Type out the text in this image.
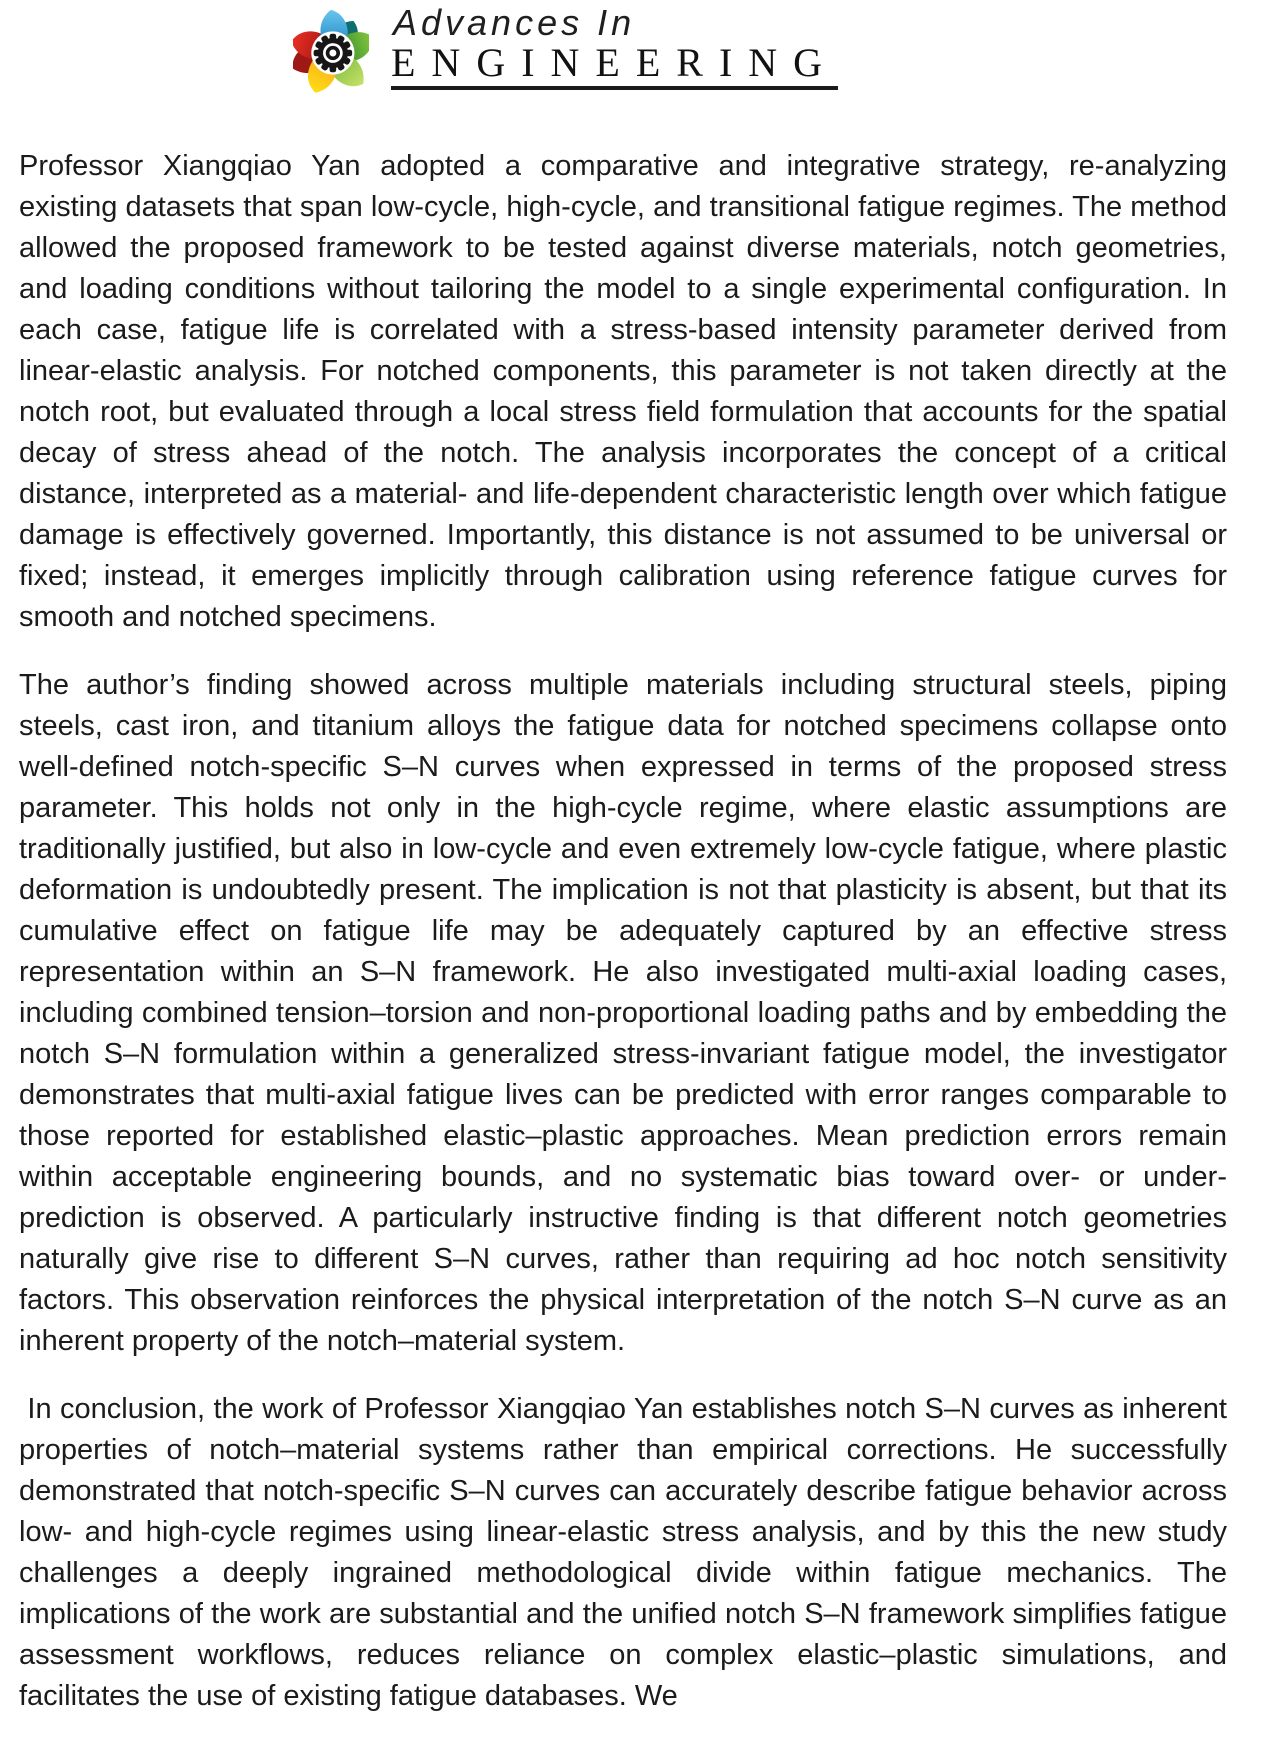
Advances In
ENGINEERING

Professor Xiangqiao Yan adopted a comparative and integrative strategy, re-analyzing existing datasets that span low-cycle, high-cycle, and transitional fatigue regimes. The method allowed the proposed framework to be tested against diverse materials, notch geometries, and loading conditions without tailoring the model to a single experimental configuration. In each case, fatigue life is correlated with a stress-based intensity parameter derived from linear-elastic analysis. For notched components, this parameter is not taken directly at the notch root, but evaluated through a local stress field formulation that accounts for the spatial decay of stress ahead of the notch. The analysis incorporates the concept of a critical distance, interpreted as a material- and life-dependent characteristic length over which fatigue damage is effectively governed. Importantly, this distance is not assumed to be universal or fixed; instead, it emerges implicitly through calibration using reference fatigue curves for smooth and notched specimens.

The author’s finding showed across multiple materials including structural steels, piping steels, cast iron, and titanium alloys the fatigue data for notched specimens collapse onto well-defined notch-specific S–N curves when expressed in terms of the proposed stress parameter. This holds not only in the high-cycle regime, where elastic assumptions are traditionally justified, but also in low-cycle and even extremely low-cycle fatigue, where plastic deformation is undoubtedly present. The implication is not that plasticity is absent, but that its cumulative effect on fatigue life may be adequately captured by an effective stress representation within an S–N framework. He also investigated multi-axial loading cases, including combined tension–torsion and non-proportional loading paths and by embedding the notch S–N formulation within a generalized stress-invariant fatigue model, the investigator demonstrates that multi-axial fatigue lives can be predicted with error ranges comparable to those reported for established elastic–plastic approaches. Mean prediction errors remain within acceptable engineering bounds, and no systematic bias toward over- or under-prediction is observed. A particularly instructive finding is that different notch geometries naturally give rise to different S–N curves, rather than requiring ad hoc notch sensitivity factors. This observation reinforces the physical interpretation of the notch S–N curve as an inherent property of the notch–material system.

In conclusion, the work of Professor Xiangqiao Yan establishes notch S–N curves as inherent properties of notch–material systems rather than empirical corrections. He successfully demonstrated that notch-specific S–N curves can accurately describe fatigue behavior across low- and high-cycle regimes using linear-elastic stress analysis, and by this the new study challenges a deeply ingrained methodological divide within fatigue mechanics. The implications of the work are substantial and the unified notch S–N framework simplifies fatigue assessment workflows, reduces reliance on complex elastic–plastic simulations, and facilitates the use of existing fatigue databases. We
